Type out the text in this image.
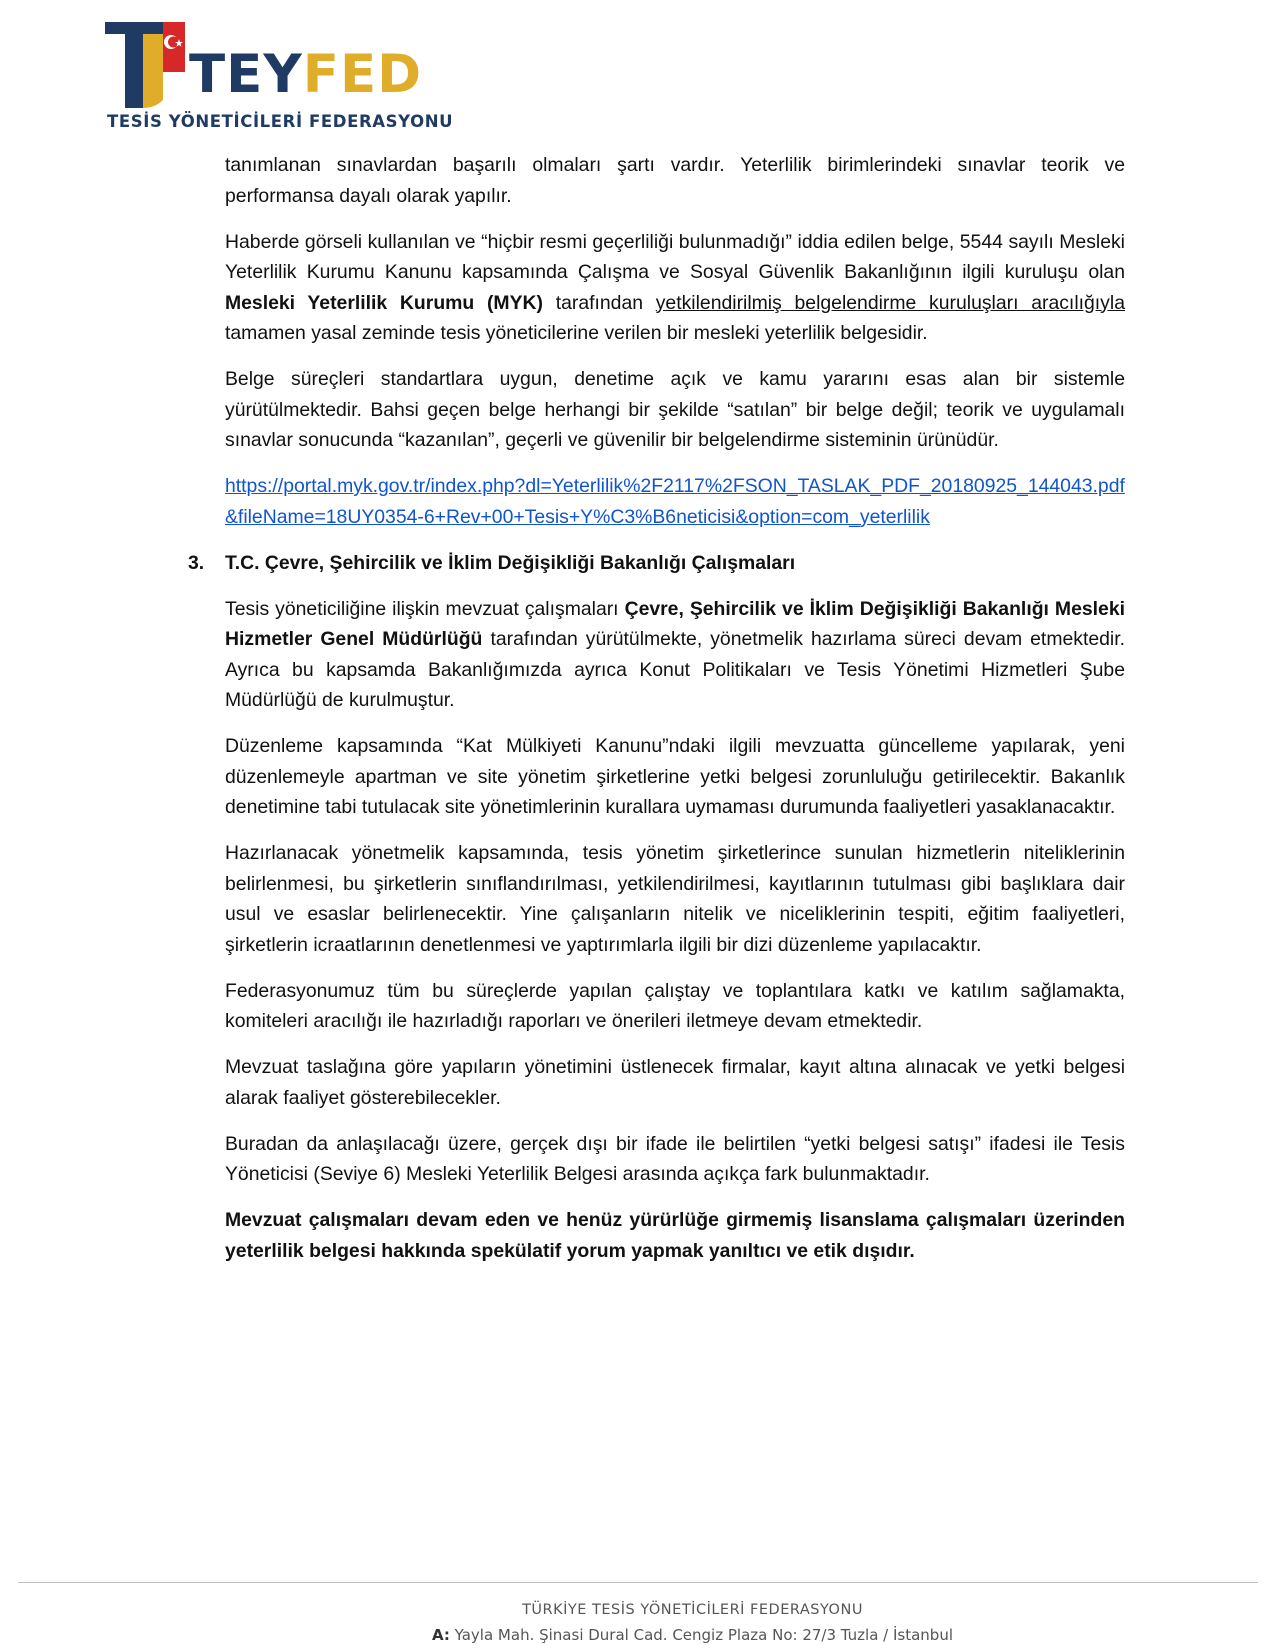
TEYFED
TESİS YÖNETİCİLERİ FEDERASYONU

tanımlanan sınavlardan başarılı olmaları şartı vardır. Yeterlilik birimlerindeki sınavlar teorik ve performansa dayalı olarak yapılır.

Haberde görseli kullanılan ve “hiçbir resmi geçerliliği bulunmadığı” iddia edilen belge, 5544 sayılı Mesleki Yeterlilik Kurumu Kanunu kapsamında Çalışma ve Sosyal Güvenlik Bakanlığının ilgili kuruluşu olan Mesleki Yeterlilik Kurumu (MYK) tarafından yetkilendirilmiş belgelendirme kuruluşları aracılığıyla tamamen yasal zeminde tesis yöneticilerine verilen bir mesleki yeterlilik belgesidir.

Belge süreçleri standartlara uygun, denetime açık ve kamu yararını esas alan bir sistemle yürütülmektedir. Bahsi geçen belge herhangi bir şekilde “satılan” bir belge değil; teorik ve uygulamalı sınavlar sonucunda “kazanılan”, geçerli ve güvenilir bir belgelendirme sisteminin ürünüdür.

https://portal.myk.gov.tr/index.php?dl=Yeterlilik%2F2117%2FSON_TASLAK_PDF_20180925_144043.pdf&fileName=18UY0354-6+Rev+00+Tesis+Y%C3%B6neticisi&option=com_yeterlilik

3. T.C. Çevre, Şehircilik ve İklim Değişikliği Bakanlığı Çalışmaları

Tesis yöneticiliğine ilişkin mevzuat çalışmaları Çevre, Şehircilik ve İklim Değişikliği Bakanlığı Mesleki Hizmetler Genel Müdürlüğü tarafından yürütülmekte, yönetmelik hazırlama süreci devam etmektedir. Ayrıca bu kapsamda Bakanlığımızda ayrıca Konut Politikaları ve Tesis Yönetimi Hizmetleri Şube Müdürlüğü de kurulmuştur.

Düzenleme kapsamında “Kat Mülkiyeti Kanunu”ndaki ilgili mevzuatta güncelleme yapılarak, yeni düzenlemeyle apartman ve site yönetim şirketlerine yetki belgesi zorunluluğu getirilecektir. Bakanlık denetimine tabi tutulacak site yönetimlerinin kurallara uymaması durumunda faaliyetleri yasaklanacaktır.

Hazırlanacak yönetmelik kapsamında, tesis yönetim şirketlerince sunulan hizmetlerin niteliklerinin belirlenmesi, bu şirketlerin sınıflandırılması, yetkilendirilmesi, kayıtlarının tutulması gibi başlıklara dair usul ve esaslar belirlenecektir. Yine çalışanların nitelik ve niceliklerinin tespiti, eğitim faaliyetleri, şirketlerin icraatlarının denetlenmesi ve yaptırımlarla ilgili bir dizi düzenleme yapılacaktır.

Federasyonumuz tüm bu süreçlerde yapılan çalıştay ve toplantılara katkı ve katılım sağlamakta, komiteleri aracılığı ile hazırladığı raporları ve önerileri iletmeye devam etmektedir.

Mevzuat taslağına göre yapıların yönetimini üstlenecek firmalar, kayıt altına alınacak ve yetki belgesi alarak faaliyet gösterebilecekler.

Buradan da anlaşılacağı üzere, gerçek dışı bir ifade ile belirtilen “yetki belgesi satışı” ifadesi ile Tesis Yöneticisi (Seviye 6) Mesleki Yeterlilik Belgesi arasında açıkça fark bulunmaktadır.

Mevzuat çalışmaları devam eden ve henüz yürürlüğe girmemiş lisanslama çalışmaları üzerinden yeterlilik belgesi hakkında spekülatif yorum yapmak yanıltıcı ve etik dışıdır.

TÜRKİYE TESİS YÖNETİCİLERİ FEDERASYONU
A: Yayla Mah. Şinasi Dural Cad. Cengiz Plaza No: 27/3 Tuzla / İstanbul
